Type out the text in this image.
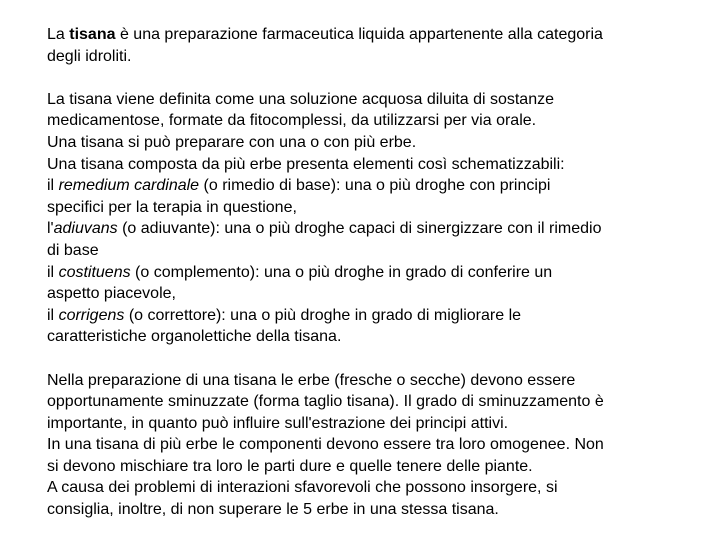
La tisana è una preparazione farmaceutica liquida appartenente alla categoria
degli idroliti.

La tisana viene definita come una soluzione acquosa diluita di sostanze
medicamentose, formate da fitocomplessi, da utilizzarsi per via orale.
Una tisana si può preparare con una o con più erbe.
Una tisana composta da più erbe presenta elementi così schematizzabili:
il remedium cardinale (o rimedio di base): una o più droghe con principi
specifici per la terapia in questione,
l'adiuvans (o adiuvante): una o più droghe capaci di sinergizzare con il rimedio
di base
il costituens (o complemento): una o più droghe in grado di conferire un
aspetto piacevole,
il corrigens (o correttore): una o più droghe in grado di migliorare le
caratteristiche organolettiche della tisana.

Nella preparazione di una tisana le erbe (fresche o secche) devono essere
opportunamente sminuzzate (forma taglio tisana). Il grado di sminuzzamento è
importante, in quanto può influire sull'estrazione dei principi attivi.
In una tisana di più erbe le componenti devono essere tra loro omogenee. Non
si devono mischiare tra loro le parti dure e quelle tenere delle piante.
A causa dei problemi di interazioni sfavorevoli che possono insorgere, si
consiglia, inoltre, di non superare le 5 erbe in una stessa tisana.
